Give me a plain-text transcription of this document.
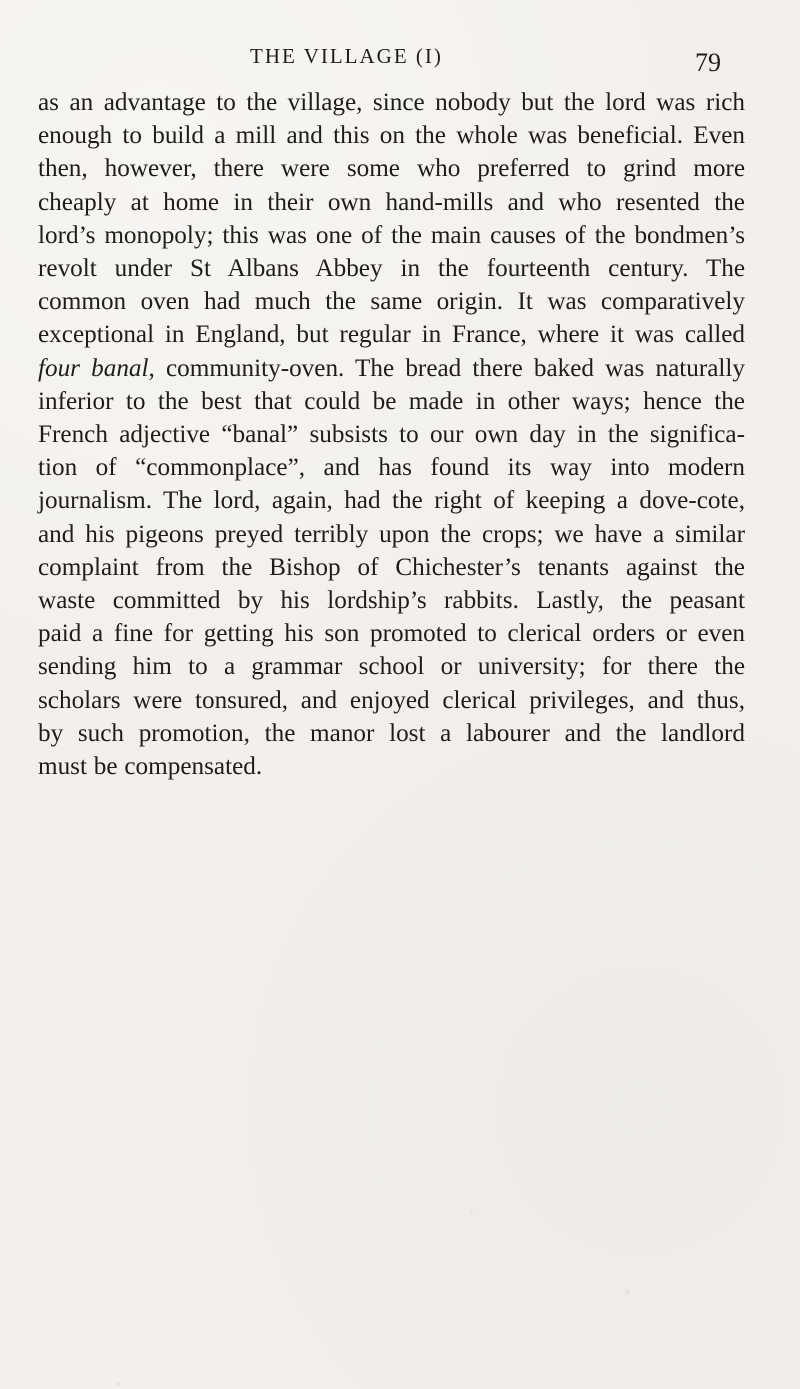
THE VILLAGE (I)	79

as an advantage to the village, since nobody but the lord was rich
enough to build a mill and this on the whole was beneficial. Even
then, however, there were some who preferred to grind more
cheaply at home in their own hand-mills and who resented the
lord’s monopoly; this was one of the main causes of the bondmen’s
revolt under St Albans Abbey in the fourteenth century. The
common oven had much the same origin. It was comparatively
exceptional in England, but regular in France, where it was called
four banal, community-oven. The bread there baked was naturally
inferior to the best that could be made in other ways; hence the
French adjective “banal” subsists to our own day in the significa-
tion of “commonplace”, and has found its way into modern
journalism. The lord, again, had the right of keeping a dove-cote,
and his pigeons preyed terribly upon the crops; we have a similar
complaint from the Bishop of Chichester’s tenants against the
waste committed by his lordship’s rabbits. Lastly, the peasant
paid a fine for getting his son promoted to clerical orders or even
sending him to a grammar school or university; for there the
scholars were tonsured, and enjoyed clerical privileges, and thus,
by such promotion, the manor lost a labourer and the landlord
must be compensated.
